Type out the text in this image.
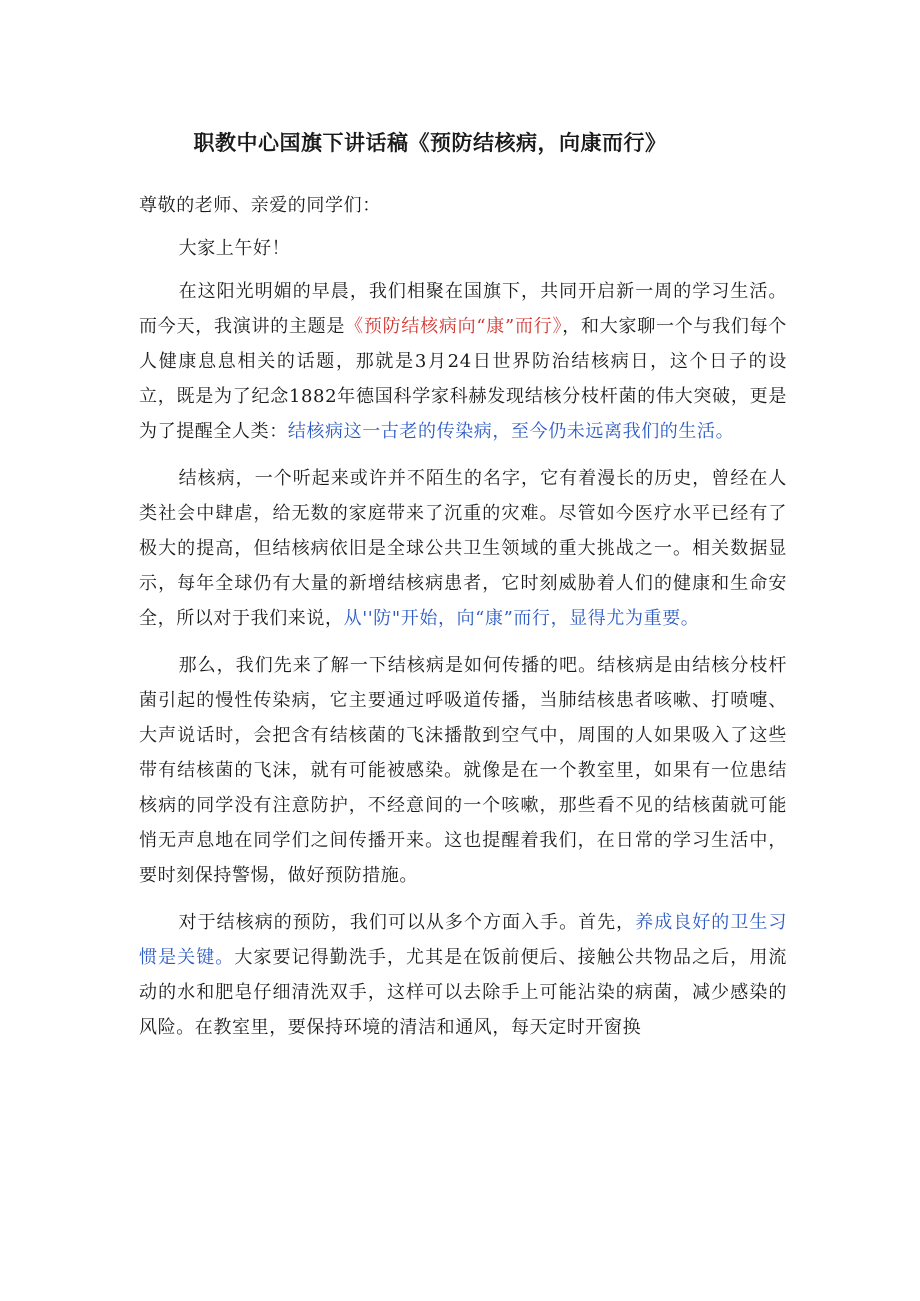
职教中心国旗下讲话稿《预防结核病，向康而行》

尊敬的老师、亲爱的同学们：

大家上午好！

在这阳光明媚的早晨，我们相聚在国旗下，共同开启新一周的学习生活。而今天，我演讲的主题是《预防结核病向“康”而行》，和大家聊一个与我们每个人健康息息相关的话题，那就是3月24日世界防治结核病日，这个日子的设立，既是为了纪念1882年德国科学家科赫发现结核分枝杆菌的伟大突破，更是为了提醒全人类：结核病这一古老的传染病，至今仍未远离我们的生活。

结核病，一个听起来或许并不陌生的名字，它有着漫长的历史，曾经在人类社会中肆虐，给无数的家庭带来了沉重的灾难。尽管如今医疗水平已经有了极大的提高，但结核病依旧是全球公共卫生领域的重大挑战之一。相关数据显示，每年全球仍有大量的新增结核病患者，它时刻威胁着人们的健康和生命安全，所以对于我们来说，从''防"开始，向“康”而行，显得尤为重要。

那么，我们先来了解一下结核病是如何传播的吧。结核病是由结核分枝杆菌引起的慢性传染病，它主要通过呼吸道传播，当肺结核患者咳嗽、打喷嚏、大声说话时，会把含有结核菌的飞沫播散到空气中，周围的人如果吸入了这些带有结核菌的飞沫，就有可能被感染。就像是在一个教室里，如果有一位患结核病的同学没有注意防护，不经意间的一个咳嗽，那些看不见的结核菌就可能悄无声息地在同学们之间传播开来。这也提醒着我们，在日常的学习生活中，要时刻保持警惕，做好预防措施。

对于结核病的预防，我们可以从多个方面入手。首先，养成良好的卫生习惯是关键。大家要记得勤洗手，尤其是在饭前便后、接触公共物品之后，用流动的水和肥皂仔细清洗双手，这样可以去除手上可能沾染的病菌，减少感染的风险。在教室里，要保持环境的清洁和通风，每天定时开窗换
